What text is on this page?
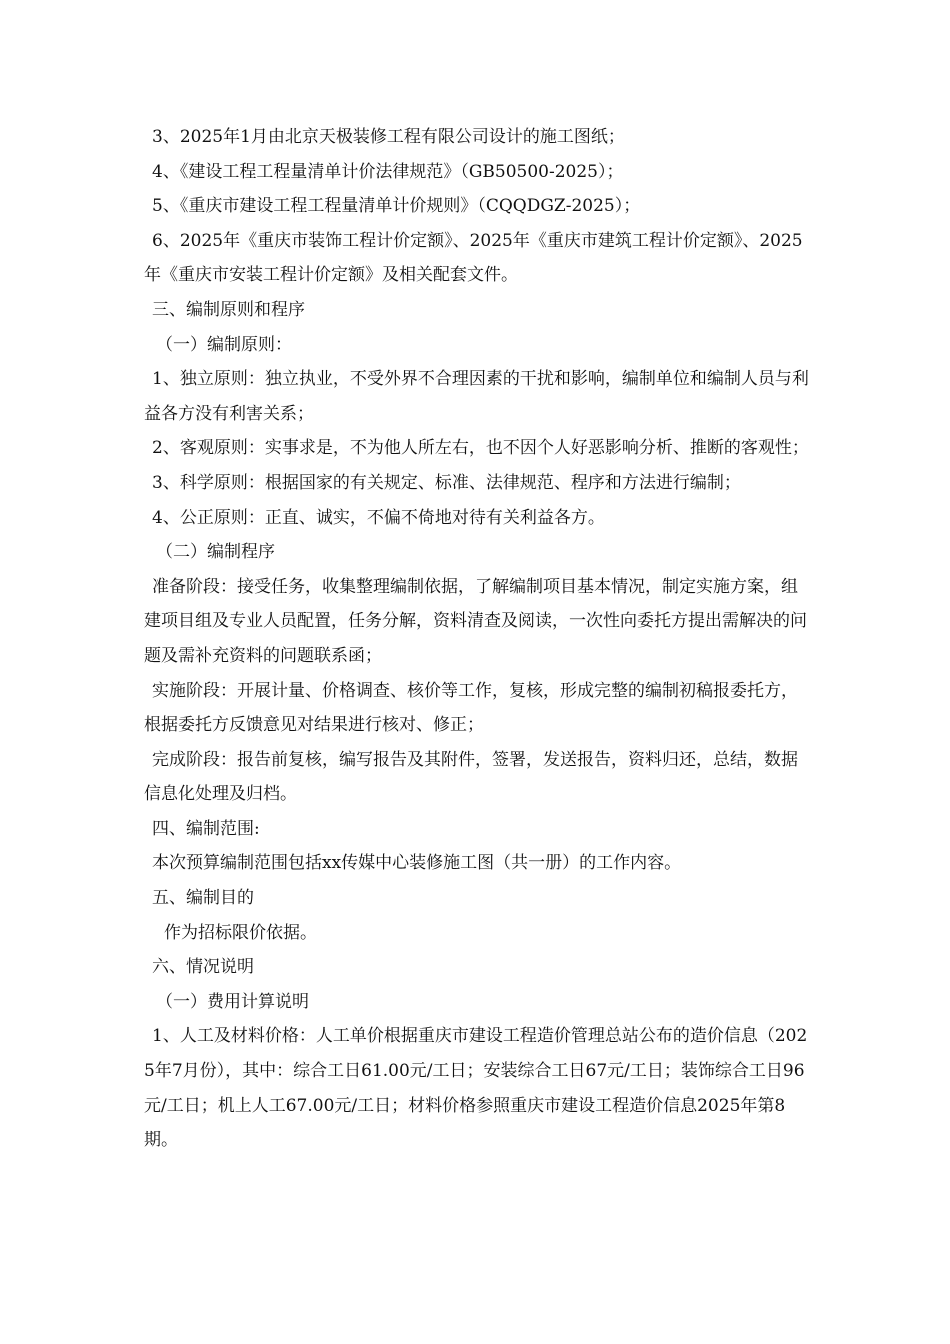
3、2025年1月由北京天极装修工程有限公司设计的施工图纸；

4、《建设工程工程量清单计价法律规范》（GB50500-2025）；

5、《重庆市建设工程工程量清单计价规则》（CQQDGZ-2025）；

6、2025年《重庆市装饰工程计价定额》、2025年《重庆市建筑工程计价定额》、2025年《重庆市安装工程计价定额》及相关配套文件。

三、编制原则和程序

（一）编制原则：

1、独立原则：独立执业，不受外界不合理因素的干扰和影响，编制单位和编制人员与利益各方没有利害关系；

2、客观原则：实事求是，不为他人所左右，也不因个人好恶影响分析、推断的客观性；

3、科学原则：根据国家的有关规定、标准、法律规范、程序和方法进行编制；

4、公正原则：正直、诚实，不偏不倚地对待有关利益各方。

（二）编制程序

准备阶段：接受任务，收集整理编制依据，了解编制项目基本情况，制定实施方案，组建项目组及专业人员配置，任务分解，资料清查及阅读，一次性向委托方提出需解决的问题及需补充资料的问题联系函；

实施阶段：开展计量、价格调查、核价等工作，复核，形成完整的编制初稿报委托方，根据委托方反馈意见对结果进行核对、修正；

完成阶段：报告前复核，编写报告及其附件，签署，发送报告，资料归还，总结，数据信息化处理及归档。

四、编制范围:

本次预算编制范围包括xx传媒中心装修施工图（共一册）的工作内容。

五、编制目的

作为招标限价依据。

六、情况说明

（一）费用计算说明

1、人工及材料价格：人工单价根据重庆市建设工程造价管理总站公布的造价信息（2025年7月份），其中：综合工日61.00元/工日；安装综合工日67元/工日；装饰综合工日96元/工日；机上人工67.00元/工日；材料价格参照重庆市建设工程造价信息2025年第8期。
